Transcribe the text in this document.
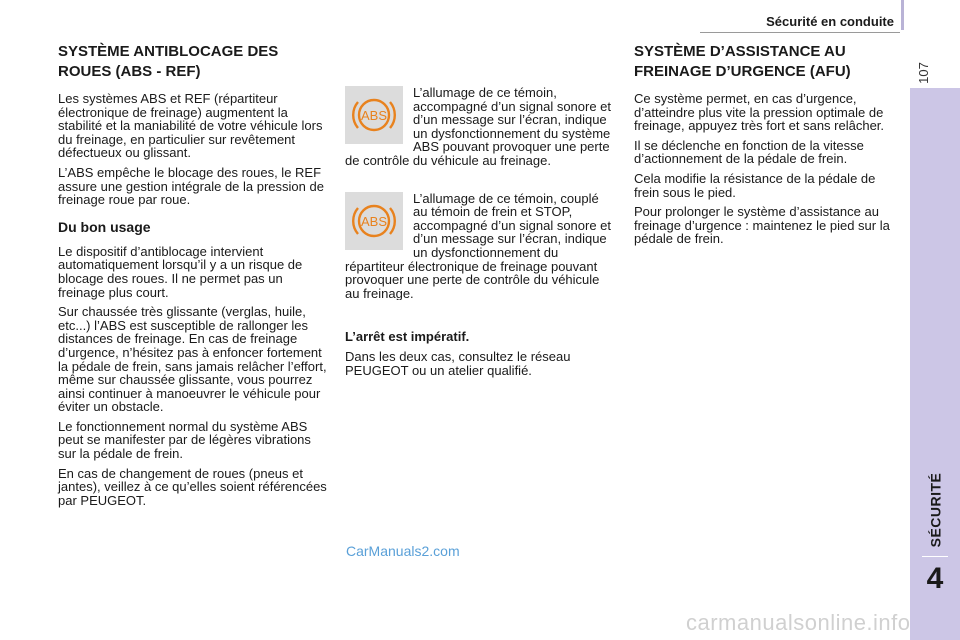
Sécurité en conduite
107
SÉCURITÉ
4
SYSTÈME ANTIBLOCAGE DES ROUES (ABS - REF)

Les systèmes ABS et REF (répartiteur électronique de freinage) augmentent la stabilité et la maniabilité de votre véhicule lors du freinage, en particulier sur revêtement défectueux ou glissant.

L’ABS empêche le blocage des roues, le REF assure une gestion intégrale de la pression de freinage roue par roue.

Du bon usage

Le dispositif d’antiblocage intervient automatiquement lorsqu’il y a un risque de blocage des roues. Il ne permet pas un freinage plus court.

Sur chaussée très glissante (verglas, huile, etc...) l’ABS est susceptible de rallonger les distances de freinage. En cas de freinage d’urgence, n’hésitez pas à enfoncer fortement la pédale de frein, sans jamais relâcher l’effort, même sur chaussée glissante, vous pourrez ainsi continuer à manoeuvrer le véhicule pour éviter un obstacle.

Le fonctionnement normal du système ABS peut se manifester par de légères vibrations sur la pédale de frein.

En cas de changement de roues (pneus et jantes), veillez à ce qu’elles soient référencées par PEUGEOT.

ABS

L’allumage de ce témoin, accompagné d’un signal sonore et d’un message sur l’écran, indique un dysfonctionnement du système ABS pouvant provoquer une perte de contrôle du véhicule au freinage.

ABS

L’allumage de ce témoin, couplé au témoin de frein et STOP, accompagné d’un signal sonore et d’un message sur l’écran, indique un dysfonctionnement du répartiteur électronique de freinage pouvant provoquer une perte de contrôle du véhicule au freinage.

L’arrêt est impératif.

Dans les deux cas, consultez le réseau PEUGEOT ou un atelier qualifié.

SYSTÈME D’ASSISTANCE AU FREINAGE D’URGENCE (AFU)

Ce système permet, en cas d’urgence, d’atteindre plus vite la pression optimale de freinage, appuyez très fort et sans relâcher.

Il se déclenche en fonction de la vitesse d’actionnement de la pédale de frein.

Cela modifie la résistance de la pédale de frein sous le pied.

Pour prolonger le système d’assistance au freinage d’urgence : maintenez le pied sur la pédale de frein.

CarManuals2.com
carmanualsonline.info
